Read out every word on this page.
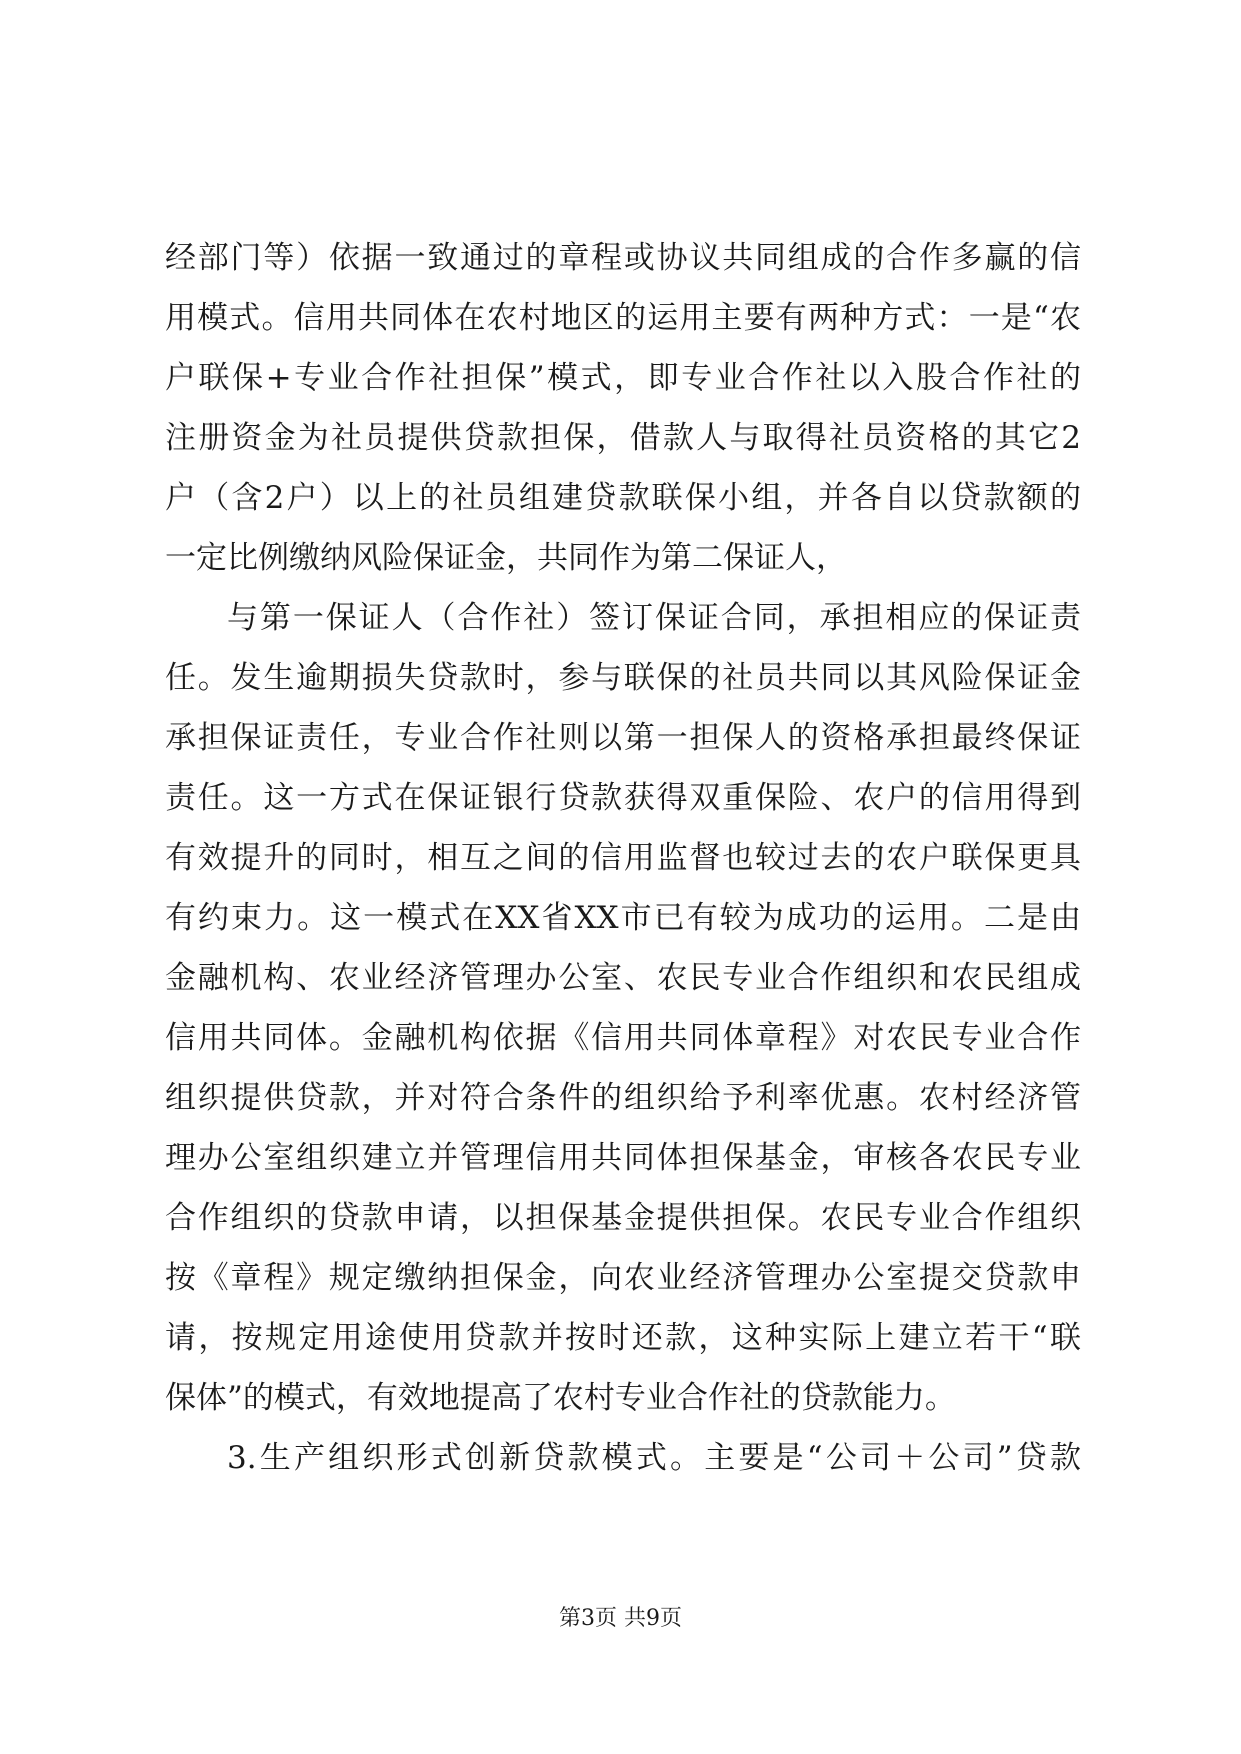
经部门等）依据一致通过的章程或协议共同组成的合作多赢的信
用模式。信用共同体在农村地区的运用主要有两种方式：一是“农
户联保+专业合作社担保”模式，即专业合作社以入股合作社的
注册资金为社员提供贷款担保，借款人与取得社员资格的其它2
户（含2户）以上的社员组建贷款联保小组，并各自以贷款额的
一定比例缴纳风险保证金，共同作为第二保证人，
与第一保证人（合作社）签订保证合同，承担相应的保证责
任。发生逾期损失贷款时，参与联保的社员共同以其风险保证金
承担保证责任，专业合作社则以第一担保人的资格承担最终保证
责任。这一方式在保证银行贷款获得双重保险、农户的信用得到
有效提升的同时，相互之间的信用监督也较过去的农户联保更具
有约束力。这一模式在XX省XX市已有较为成功的运用。二是由
金融机构、农业经济管理办公室、农民专业合作组织和农民组成
信用共同体。金融机构依据《信用共同体章程》对农民专业合作
组织提供贷款，并对符合条件的组织给予利率优惠。农村经济管
理办公室组织建立并管理信用共同体担保基金，审核各农民专业
合作组织的贷款申请，以担保基金提供担保。农民专业合作组织
按《章程》规定缴纳担保金，向农业经济管理办公室提交贷款申
请，按规定用途使用贷款并按时还款，这种实际上建立若干“联
保体”的模式，有效地提高了农村专业合作社的贷款能力。
3.生产组织形式创新贷款模式。主要是“公司＋公司”贷款
第3页 共9页
